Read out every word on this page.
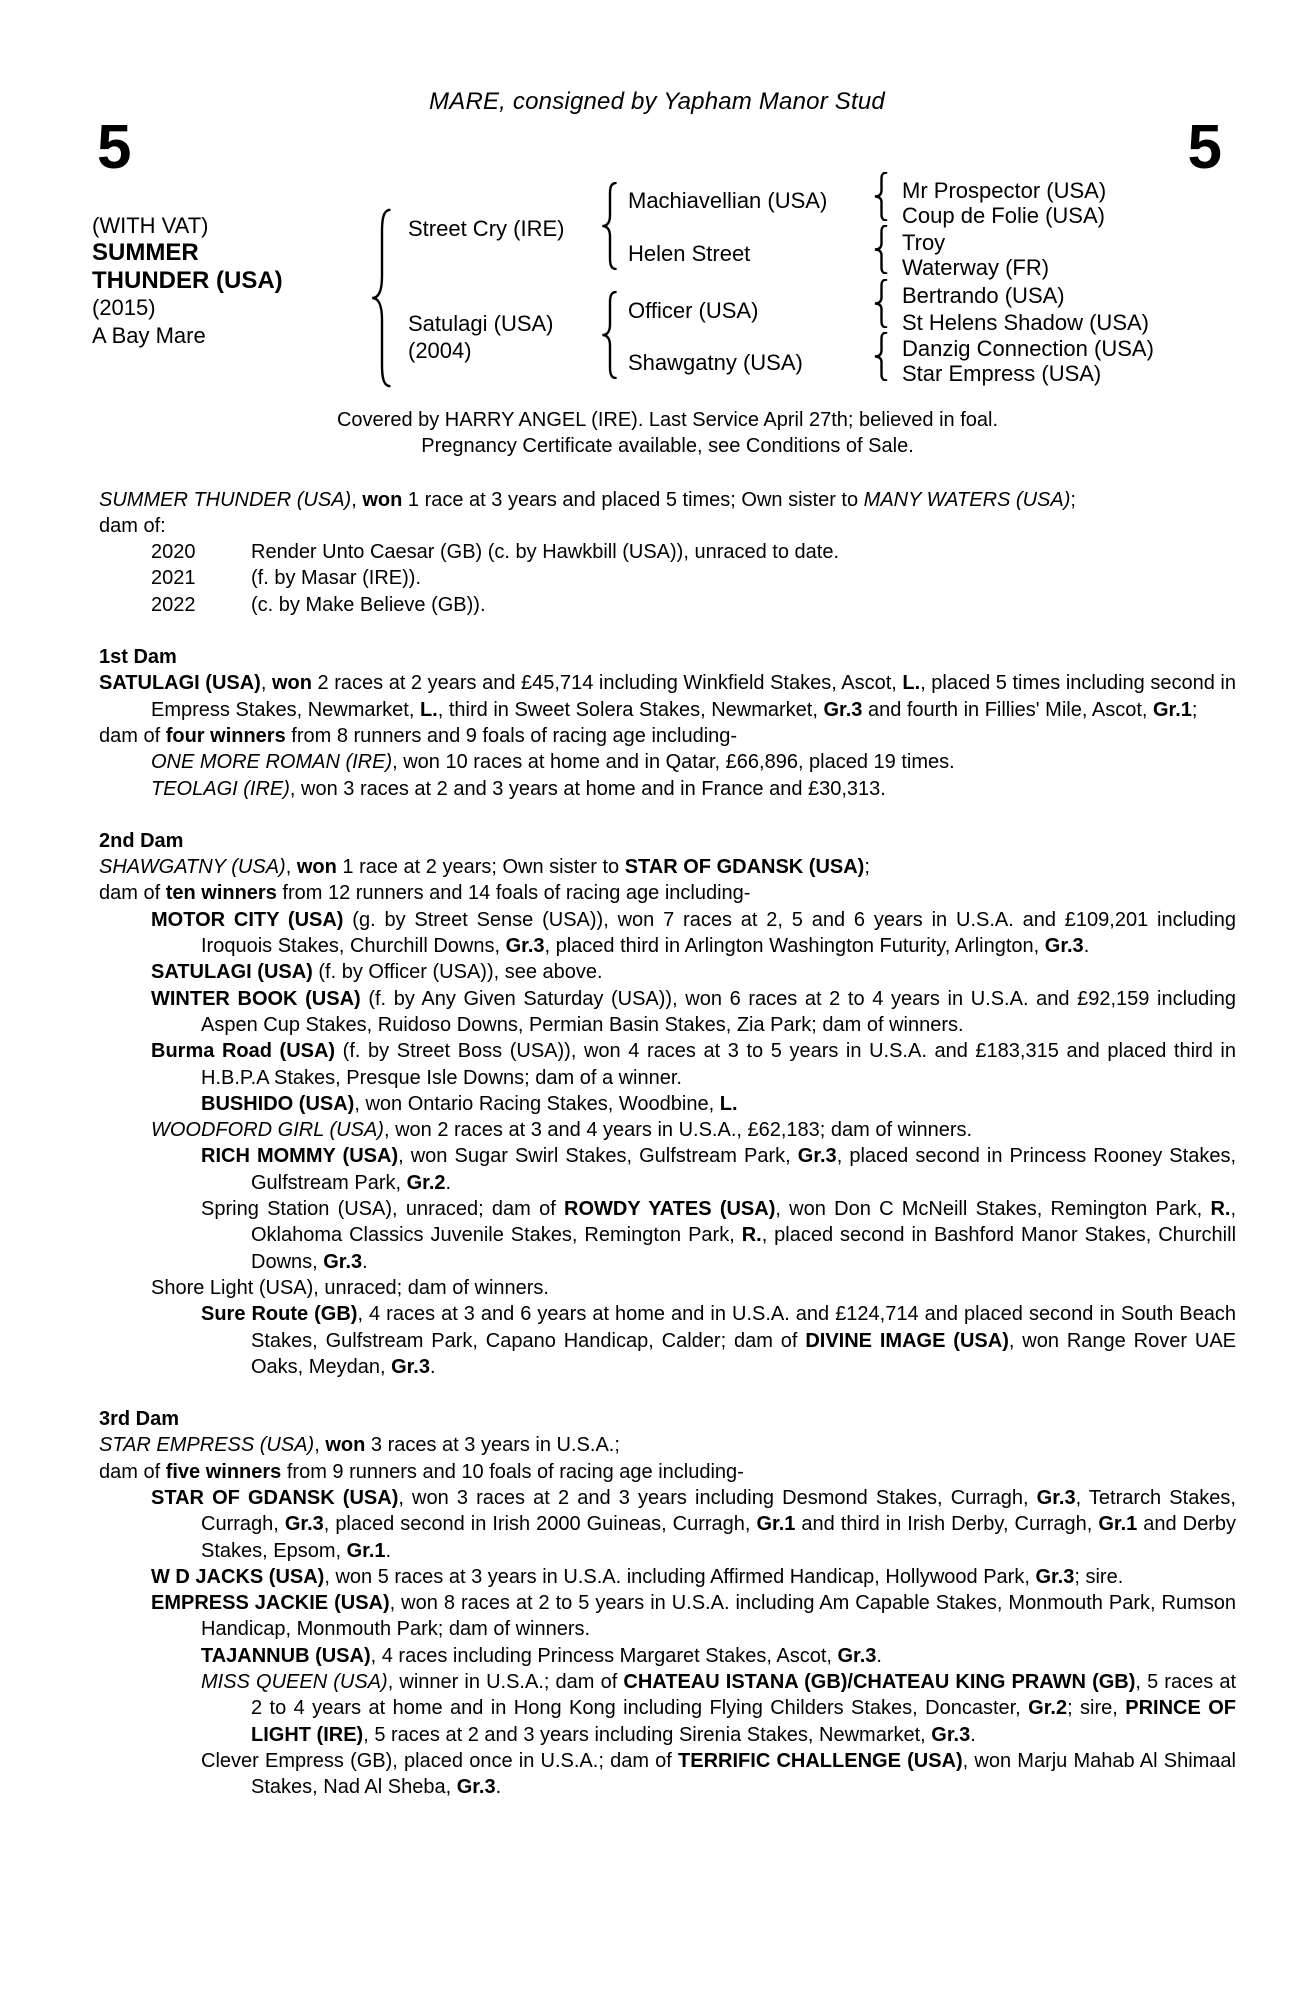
MARE, consigned by Yapham Manor Stud
5	5
(WITH VAT)
SUMMER
THUNDER (USA)
(2015)
A Bay Mare
Street Cry (IRE)
Satulagi (USA)
(2004)
Machiavellian (USA)
Helen Street
Officer (USA)
Shawgatny (USA)
Mr Prospector (USA)
Coup de Folie (USA)
Troy
Waterway (FR)
Bertrando (USA)
St Helens Shadow (USA)
Danzig Connection (USA)
Star Empress (USA)
Covered by HARRY ANGEL (IRE). Last Service April 27th; believed in foal.
Pregnancy Certificate available, see Conditions of Sale.
SUMMER THUNDER (USA), won 1 race at 3 years and placed 5 times; Own sister to MANY WATERS (USA);
dam of:
2020	Render Unto Caesar (GB) (c. by Hawkbill (USA)), unraced to date.
2021	(f. by Masar (IRE)).
2022	(c. by Make Believe (GB)).
1st Dam
SATULAGI (USA), won 2 races at 2 years and £45,714 including Winkfield Stakes, Ascot, L., placed 5 times including second in Empress Stakes, Newmarket, L., third in Sweet Solera Stakes, Newmarket, Gr.3 and fourth in Fillies' Mile, Ascot, Gr.1;
dam of four winners from 8 runners and 9 foals of racing age including-
ONE MORE ROMAN (IRE), won 10 races at home and in Qatar, £66,896, placed 19 times.
TEOLAGI (IRE), won 3 races at 2 and 3 years at home and in France and £30,313.
2nd Dam
SHAWGATNY (USA), won 1 race at 2 years; Own sister to STAR OF GDANSK (USA);
dam of ten winners from 12 runners and 14 foals of racing age including-
MOTOR CITY (USA) (g. by Street Sense (USA)), won 7 races at 2, 5 and 6 years in U.S.A. and £109,201 including Iroquois Stakes, Churchill Downs, Gr.3, placed third in Arlington Washington Futurity, Arlington, Gr.3.
SATULAGI (USA) (f. by Officer (USA)), see above.
WINTER BOOK (USA) (f. by Any Given Saturday (USA)), won 6 races at 2 to 4 years in U.S.A. and £92,159 including Aspen Cup Stakes, Ruidoso Downs, Permian Basin Stakes, Zia Park; dam of winners.
Burma Road (USA) (f. by Street Boss (USA)), won 4 races at 3 to 5 years in U.S.A. and £183,315 and placed third in H.B.P.A Stakes, Presque Isle Downs; dam of a winner.
BUSHIDO (USA), won Ontario Racing Stakes, Woodbine, L.
WOODFORD GIRL (USA), won 2 races at 3 and 4 years in U.S.A., £62,183; dam of winners.
RICH MOMMY (USA), won Sugar Swirl Stakes, Gulfstream Park, Gr.3, placed second in Princess Rooney Stakes, Gulfstream Park, Gr.2.
Spring Station (USA), unraced; dam of ROWDY YATES (USA), won Don C McNeill Stakes, Remington Park, R., Oklahoma Classics Juvenile Stakes, Remington Park, R., placed second in Bashford Manor Stakes, Churchill Downs, Gr.3.
Shore Light (USA), unraced; dam of winners.
Sure Route (GB), 4 races at 3 and 6 years at home and in U.S.A. and £124,714 and placed second in South Beach Stakes, Gulfstream Park, Capano Handicap, Calder; dam of DIVINE IMAGE (USA), won Range Rover UAE Oaks, Meydan, Gr.3.
3rd Dam
STAR EMPRESS (USA), won 3 races at 3 years in U.S.A.;
dam of five winners from 9 runners and 10 foals of racing age including-
STAR OF GDANSK (USA), won 3 races at 2 and 3 years including Desmond Stakes, Curragh, Gr.3, Tetrarch Stakes, Curragh, Gr.3, placed second in Irish 2000 Guineas, Curragh, Gr.1 and third in Irish Derby, Curragh, Gr.1 and Derby Stakes, Epsom, Gr.1.
W D JACKS (USA), won 5 races at 3 years in U.S.A. including Affirmed Handicap, Hollywood Park, Gr.3; sire.
EMPRESS JACKIE (USA), won 8 races at 2 to 5 years in U.S.A. including Am Capable Stakes, Monmouth Park, Rumson Handicap, Monmouth Park; dam of winners.
TAJANNUB (USA), 4 races including Princess Margaret Stakes, Ascot, Gr.3.
MISS QUEEN (USA), winner in U.S.A.; dam of CHATEAU ISTANA (GB)/CHATEAU KING PRAWN (GB), 5 races at 2 to 4 years at home and in Hong Kong including Flying Childers Stakes, Doncaster, Gr.2; sire, PRINCE OF LIGHT (IRE), 5 races at 2 and 3 years including Sirenia Stakes, Newmarket, Gr.3.
Clever Empress (GB), placed once in U.S.A.; dam of TERRIFIC CHALLENGE (USA), won Marju Mahab Al Shimaal Stakes, Nad Al Sheba, Gr.3.
